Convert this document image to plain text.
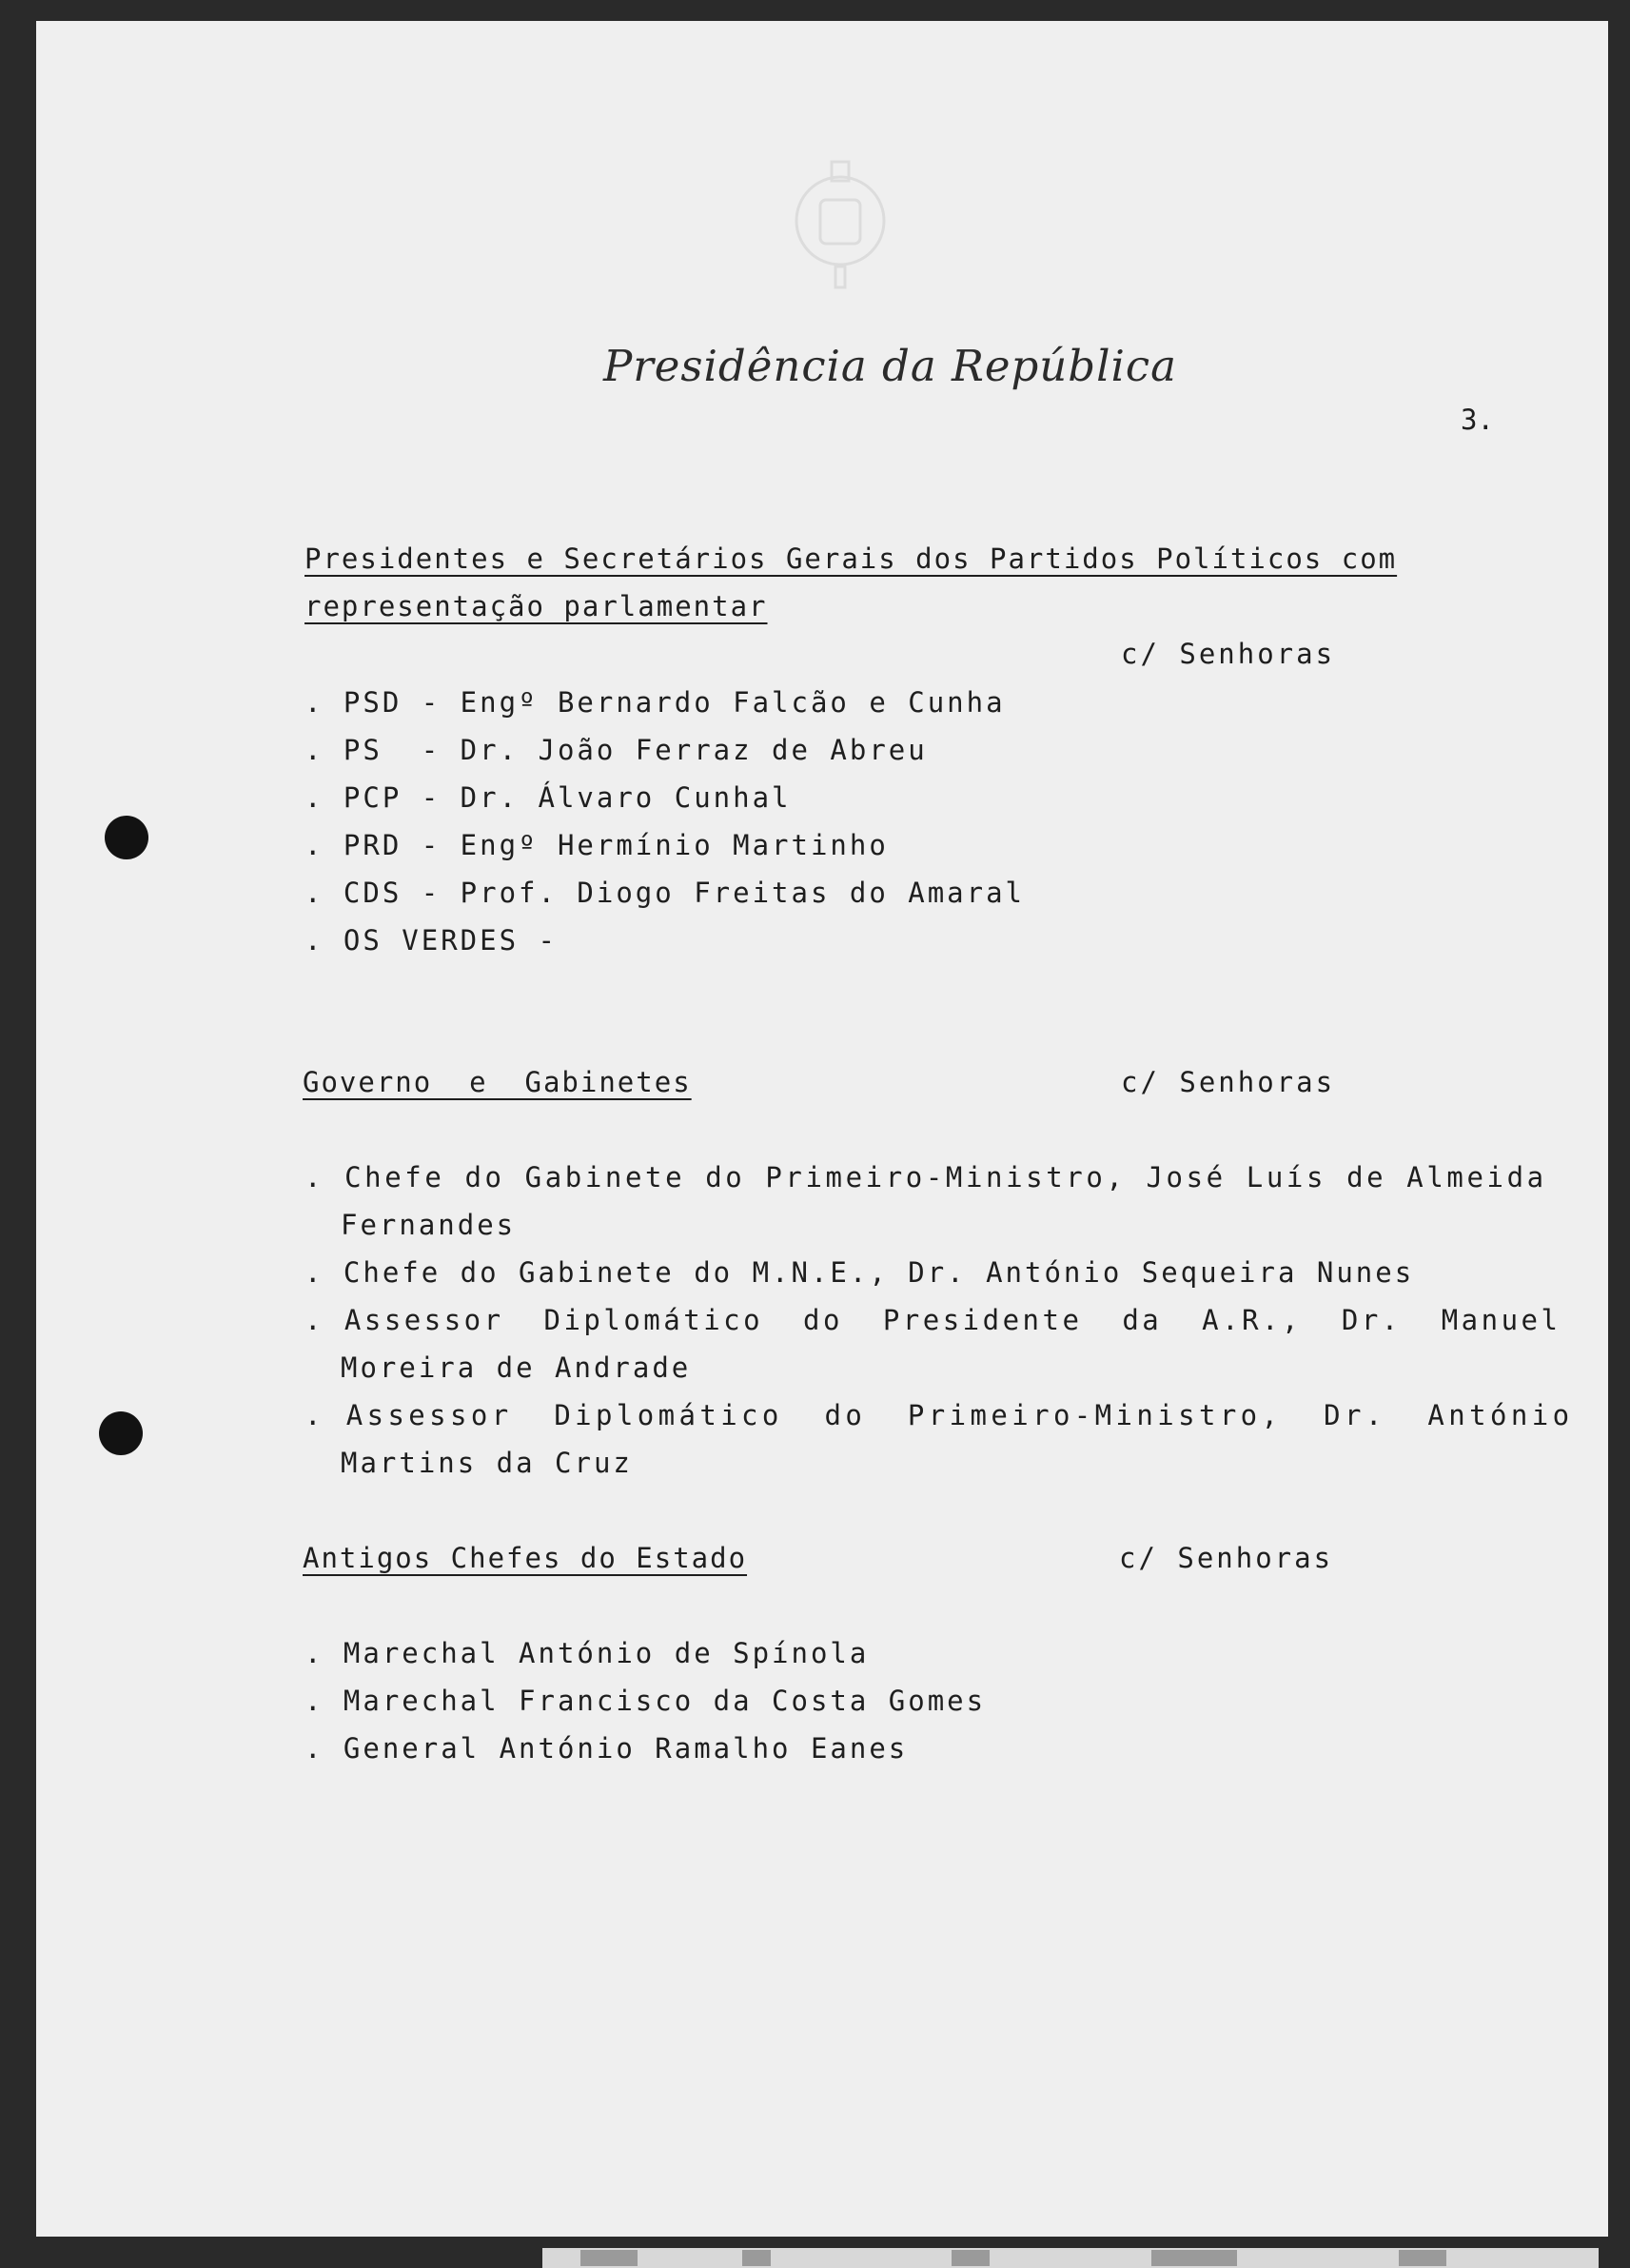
Presidência da República
3.
Presidentes e Secretários Gerais dos Partidos Políticos com
representação parlamentar
c/ Senhoras
. PSD - Engº Bernardo Falcão e Cunha
. PS  - Dr. João Ferraz de Abreu
. PCP - Dr. Álvaro Cunhal
. PRD - Engº Hermínio Martinho
. CDS - Prof. Diogo Freitas do Amaral
. OS VERDES -
Governo  e  Gabinetes	c/ Senhoras
. Chefe do Gabinete do Primeiro-Ministro, José Luís de Almeida
Fernandes
. Chefe do Gabinete do M.N.E., Dr. António Sequeira Nunes
. Assessor  Diplomático  do  Presidente  da  A.R.,  Dr.  Manuel
Moreira de Andrade
. Assessor  Diplomático  do  Primeiro-Ministro,  Dr.  António
Martins da Cruz
Antigos Chefes do Estado	c/ Senhoras
. Marechal António de Spínola
. Marechal Francisco da Costa Gomes
. General António Ramalho Eanes
